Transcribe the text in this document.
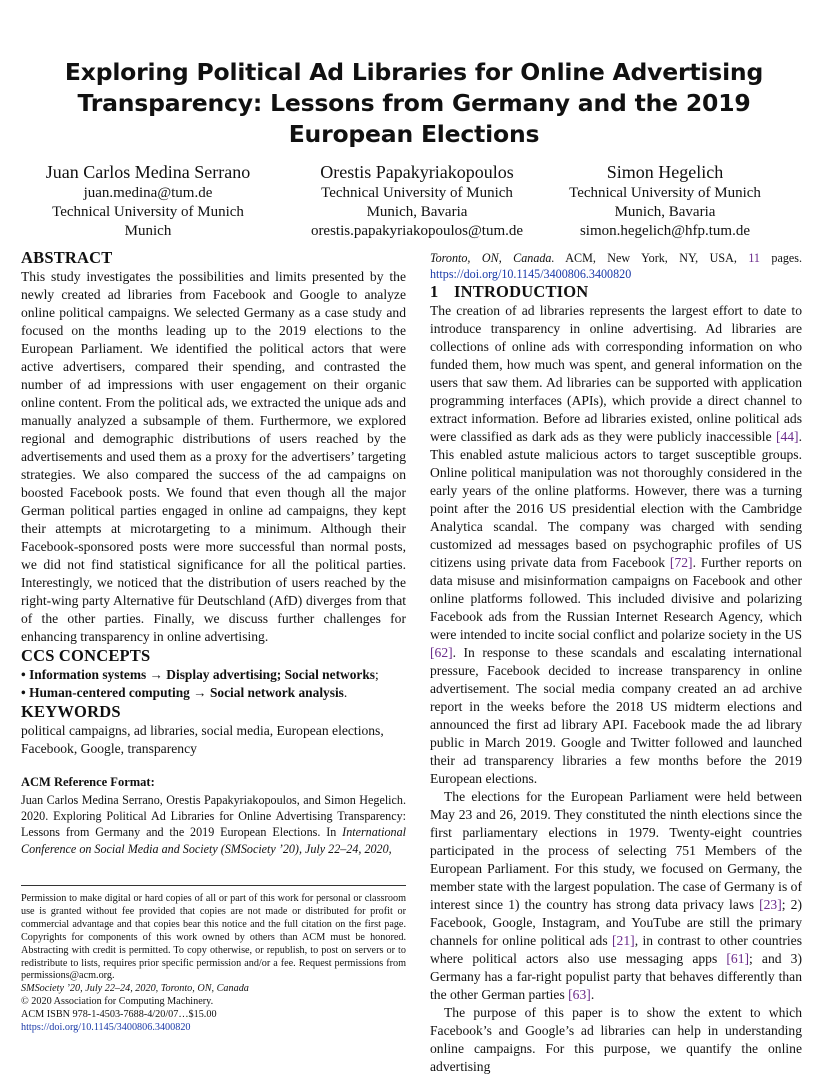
Exploring Political Ad Libraries for Online Advertising Transparency: Lessons from Germany and the 2019 European Elections
Juan Carlos Medina Serrano
juan.medina@tum.de
Technical University of Munich
Munich
Orestis Papakyriakopoulos
Technical University of Munich
Munich, Bavaria
orestis.papakyriakopoulos@tum.de
Simon Hegelich
Technical University of Munich
Munich, Bavaria
simon.hegelich@hfp.tum.de
ABSTRACT

This study investigates the possibilities and limits presented by the newly created ad libraries from Facebook and Google to analyze online political campaigns. We selected Germany as a case study and focused on the months leading up to the 2019 elections to the European Parliament. We identified the political actors that were active advertisers, compared their spending, and contrasted the number of ad impressions with user engagement on their organic online content. From the political ads, we extracted the unique ads and manually analyzed a subsample of them. Furthermore, we explored regional and demographic distributions of users reached by the advertisements and used them as a proxy for the advertisers’ targeting strategies. We also compared the success of the ad campaigns on boosted Facebook posts. We found that even though all the major German political parties engaged in online ad campaigns, they kept their attempts at microtargeting to a minimum. Although their Facebook-sponsored posts were more successful than normal posts, we did not find statistical significance for all the political parties. Interestingly, we noticed that the distribution of users reached by the right-wing party Alternative für Deutschland (AfD) diverges from that of the other parties. Finally, we discuss further challenges for enhancing transparency in online advertising.

CCS CONCEPTS

• Information systems → Display advertising; Social networks;

• Human-centered computing → Social network analysis.

KEYWORDS

political campaigns, ad libraries, social media, European elections, Facebook, Google, transparency

ACM Reference Format:

Juan Carlos Medina Serrano, Orestis Papakyriakopoulos, and Simon Hegelich. 2020. Exploring Political Ad Libraries for Online Advertising Transparency: Lessons from Germany and the 2019 European Elections. In International Conference on Social Media and Society (SMSociety ’20), July 22–24, 2020,

Permission to make digital or hard copies of all or part of this work for personal or classroom use is granted without fee provided that copies are not made or distributed for profit or commercial advantage and that copies bear this notice and the full citation on the first page. Copyrights for components of this work owned by others than ACM must be honored. Abstracting with credit is permitted. To copy otherwise, or republish, to post on servers or to redistribute to lists, requires prior specific permission and/or a fee. Request permissions from permissions@acm.org.

SMSociety ’20, July 22–24, 2020, Toronto, ON, Canada

© 2020 Association for Computing Machinery.

ACM ISBN 978-1-4503-7688-4/20/07…$15.00

https://doi.org/10.1145/3400806.3400820

Toronto, ON, Canada. ACM, New York, NY, USA, 11 pages. https://doi.org/10.1145/3400806.3400820

1 INTRODUCTION

The creation of ad libraries represents the largest effort to date to introduce transparency in online advertising. Ad libraries are collections of online ads with corresponding information on who funded them, how much was spent, and general information on the users that saw them. Ad libraries can be supported with application programming interfaces (APIs), which provide a direct channel to extract information. Before ad libraries existed, online political ads were classified as dark ads as they were publicly inaccessible [44]. This enabled astute malicious actors to target susceptible groups. Online political manipulation was not thoroughly considered in the early years of the online platforms. However, there was a turning point after the 2016 US presidential election with the Cambridge Analytica scandal. The company was charged with sending customized ad messages based on psychographic profiles of US citizens using private data from Facebook [72]. Further reports on data misuse and misinformation campaigns on Facebook and other online platforms followed. This included divisive and polarizing Facebook ads from the Russian Internet Research Agency, which were intended to incite social conflict and polarize society in the US [62]. In response to these scandals and escalating international pressure, Facebook decided to increase transparency in online advertisement. The social media company created an ad archive report in the weeks before the 2018 US midterm elections and announced the first ad library API. Facebook made the ad library public in March 2019. Google and Twitter followed and launched their ad transparency libraries a few months before the 2019 European elections.

The elections for the European Parliament were held between May 23 and 26, 2019. They constituted the ninth elections since the first parliamentary elections in 1979. Twenty-eight countries participated in the process of selecting 751 Members of the European Parliament. For this study, we focused on Germany, the member state with the largest population. The case of Germany is of interest since 1) the country has strong data privacy laws [23]; 2) Facebook, Google, Instagram, and YouTube are still the primary channels for online political ads [21], in contrast to other countries where political actors also use messaging apps [61]; and 3) Germany has a far-right populist party that behaves differently than the other German parties [63].

The purpose of this paper is to show the extent to which Facebook’s and Google’s ad libraries can help in understanding online campaigns. For this purpose, we quantify the online advertising
